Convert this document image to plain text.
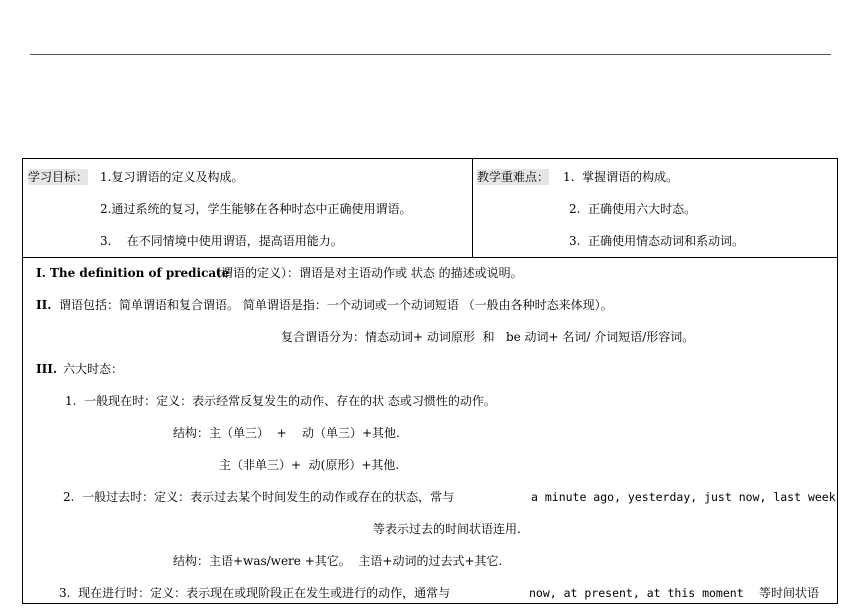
学习目标： 1.复习谓语的定义及构成。
2.通过系统的复习，学生能够在各种时态中正确使用谓语。
3.    在不同情境中使用谓语，提高语用能力。
教学重难点： 1.  掌握谓语的构成。
2.  正确使用六大时态。
3.  正确使用情态动词和系动词。
I. The definition of predicate
（谓语的定义）：谓语是对主语动作或 状态 的描述或说明。
II. 谓语包括：简单谓语和复合谓语。 简单谓语是指：一个动词或一个动词短语 （一般由各种时态来体现）。
复合谓语分为：情态动词+ 动词原形  和   be 动词+ 名词/ 介词短语/形容词。
III. 六大时态：
1.  一般现在时：定义：表示经常反复发生的动作、存在的状 态或习惯性的动作。
结构：主（单三）  +    动（单三）+其他.
主（非单三）+  动(原形）+其他.
2.  一般过去时：定义：表示过去某个时间发生的动作或存在的状态，常与	a minute ago, yesterday, just now, last week
等表示过去的时间状语连用.
结构：主语+was/were +其它。  主语+动词的过去式+其它.
3.  现在进行时：定义：表示现在或现阶段正在发生或进行的动作，通常与	now, at present, at this moment 等时间状语
